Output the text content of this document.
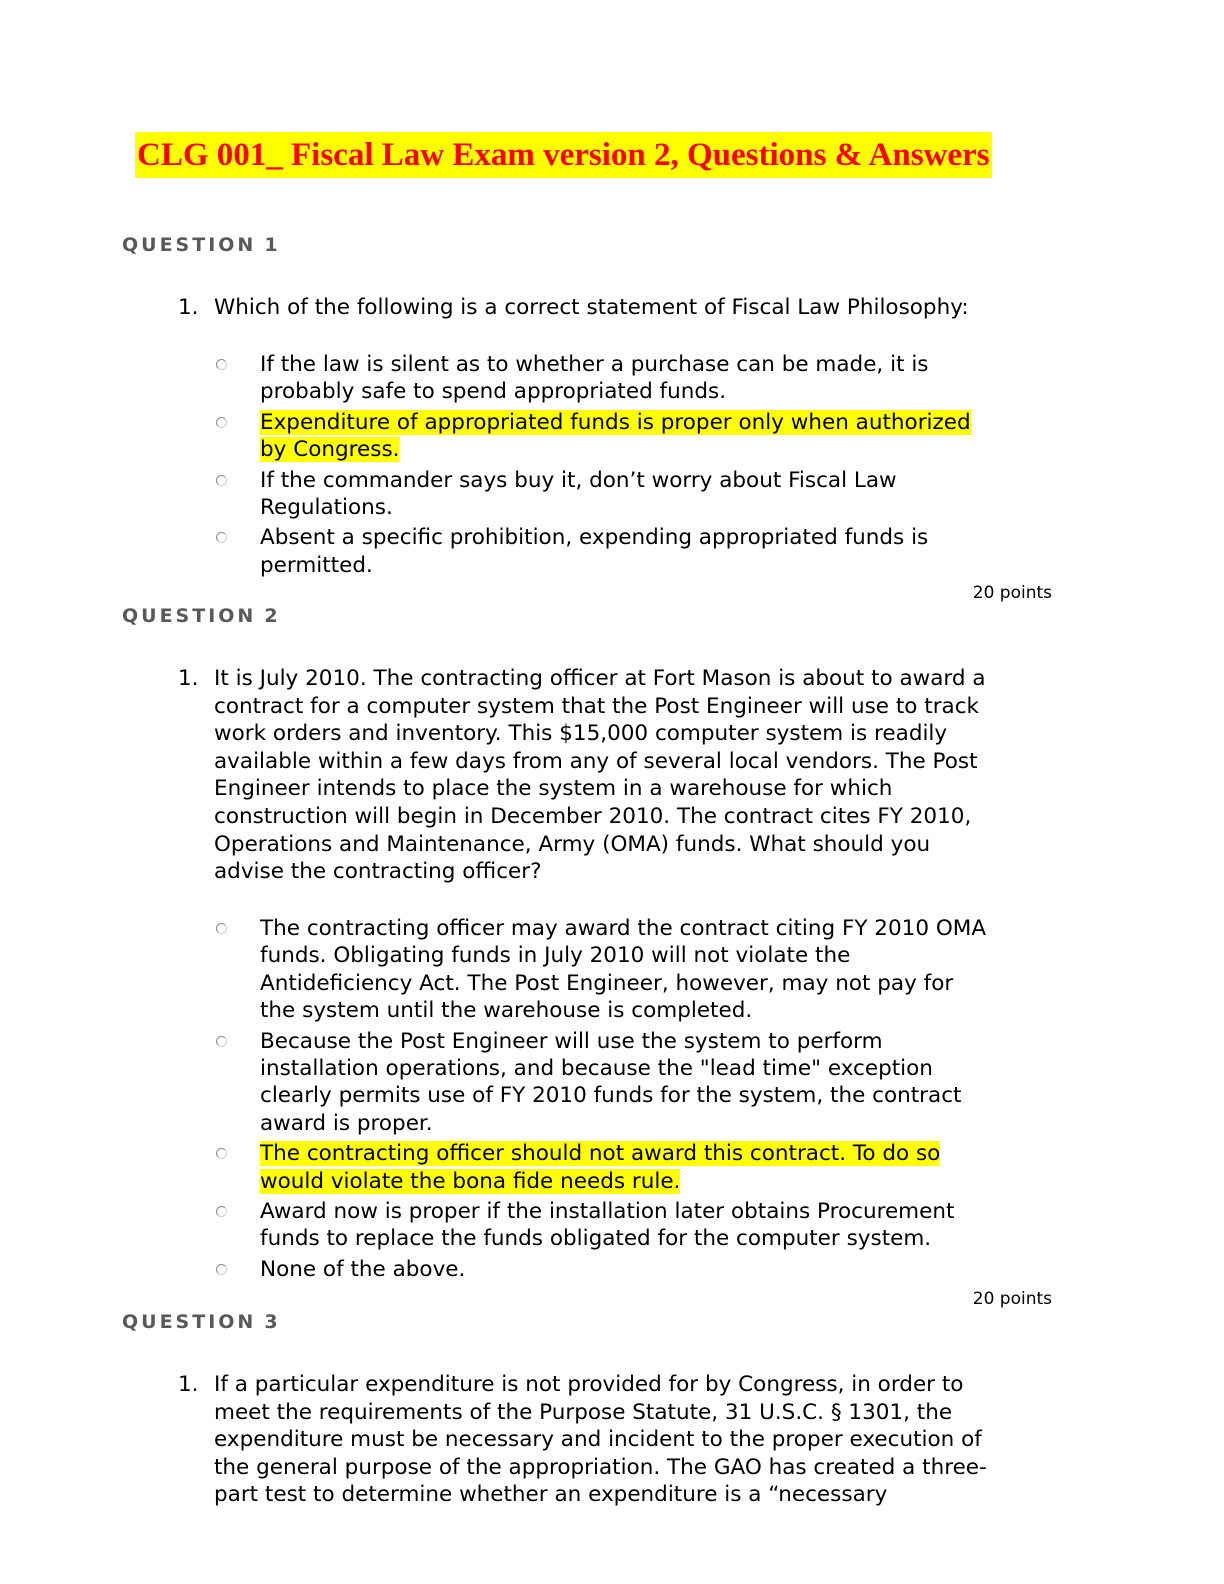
CLG 001_ Fiscal Law Exam version 2, Questions & Answers
QUESTION 1
1. Which of the following is a correct statement of Fiscal Law Philosophy:
If the law is silent as to whether a purchase can be made, it is
probably safe to spend appropriated funds.
Expenditure of appropriated funds is proper only when authorized
by Congress.
If the commander says buy it, don’t worry about Fiscal Law
Regulations.
Absent a specific prohibition, expending appropriated funds is
permitted.
20 points
QUESTION 2
1. It is July 2010. The contracting officer at Fort Mason is about to award a
contract for a computer system that the Post Engineer will use to track
work orders and inventory. This $15,000 computer system is readily
available within a few days from any of several local vendors. The Post
Engineer intends to place the system in a warehouse for which
construction will begin in December 2010. The contract cites FY 2010,
Operations and Maintenance, Army (OMA) funds. What should you
advise the contracting officer?
The contracting officer may award the contract citing FY 2010 OMA
funds. Obligating funds in July 2010 will not violate the
Antideficiency Act. The Post Engineer, however, may not pay for
the system until the warehouse is completed.
Because the Post Engineer will use the system to perform
installation operations, and because the "lead time" exception
clearly permits use of FY 2010 funds for the system, the contract
award is proper.
The contracting officer should not award this contract. To do so
would violate the bona fide needs rule.
Award now is proper if the installation later obtains Procurement
funds to replace the funds obligated for the computer system.
None of the above.
20 points
QUESTION 3
1. If a particular expenditure is not provided for by Congress, in order to
meet the requirements of the Purpose Statute, 31 U.S.C. § 1301, the
expenditure must be necessary and incident to the proper execution of
the general purpose of the appropriation. The GAO has created a three-
part test to determine whether an expenditure is a “necessary
